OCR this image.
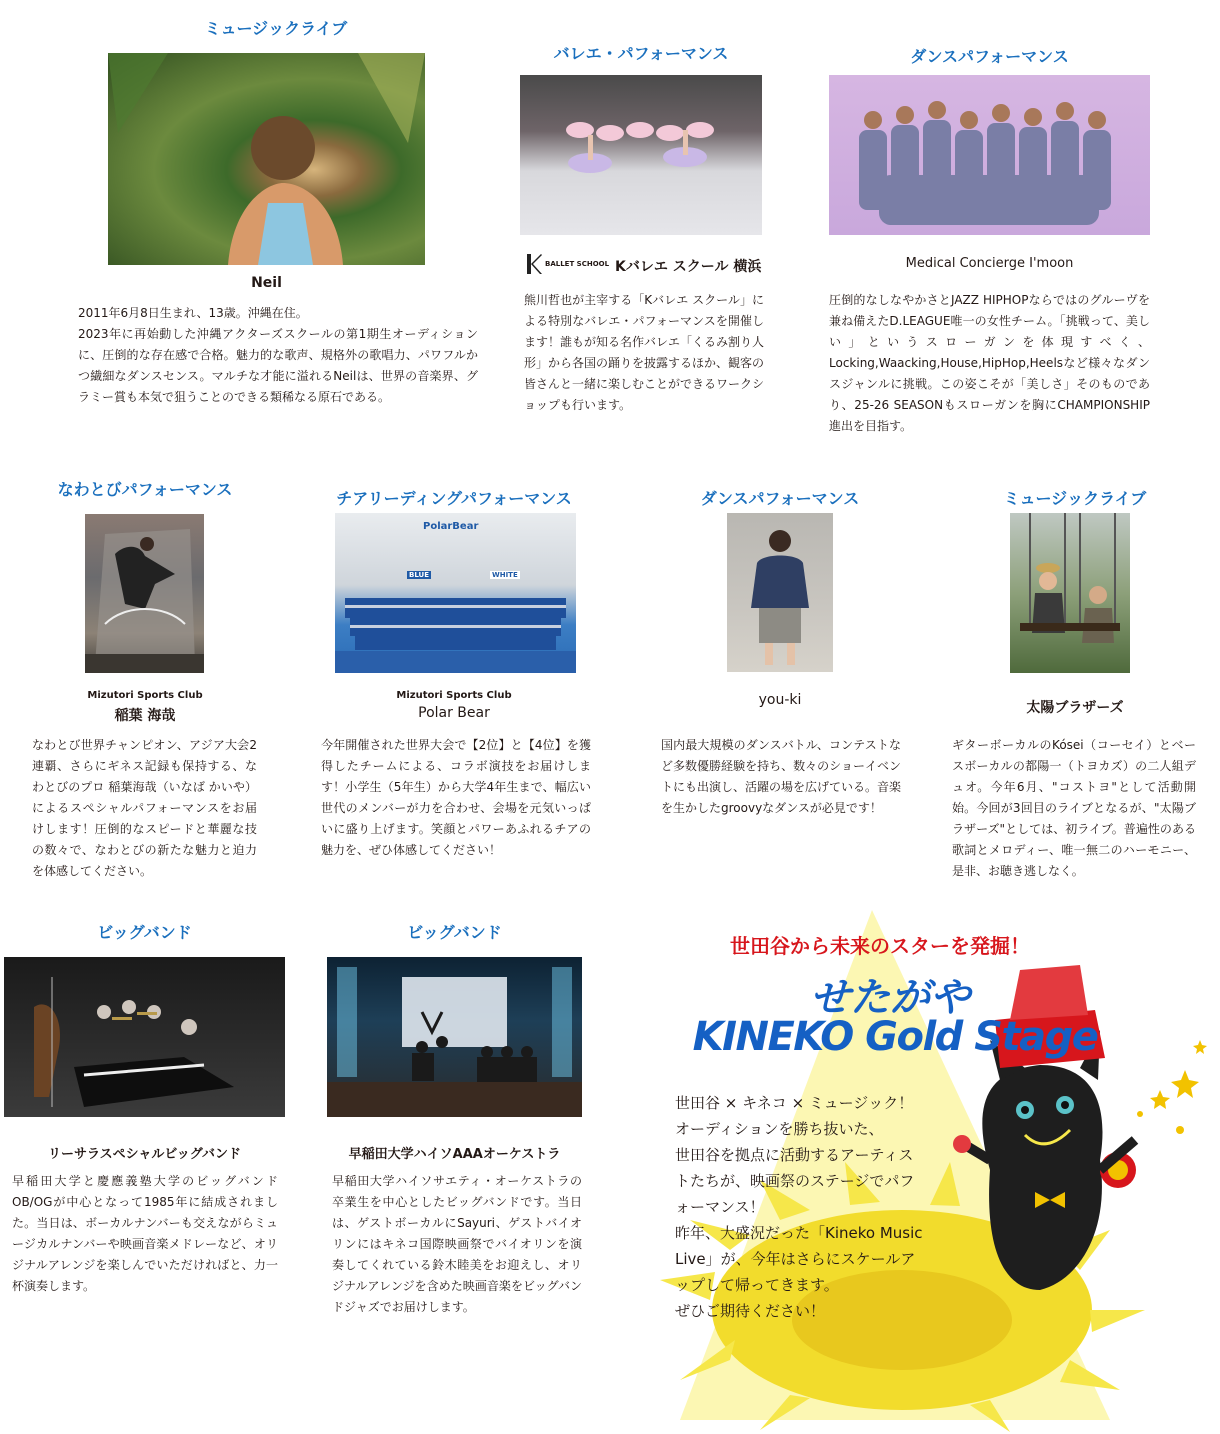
ミュージックライブ
Neil
2011年6月8日生まれ、13歳。沖縄在住。
2023年に再始動した沖縄アクターズスクールの第1期生オーディションに、圧倒的な存在感で合格。魅力的な歌声、規格外の歌唱力、パワフルかつ繊細なダンスセンス。マルチな才能に溢れるNeilは、世界の音楽界、グラミー賞も本気で狙うことのできる類稀なる原石である。
バレエ・パフォーマンス
BALLET SCHOOL Kバレエ スクール 横浜
熊川哲也が主宰する「Kバレエ スクール」による特別なバレエ・パフォーマンスを開催します！誰もが知る名作バレエ「くるみ割り人形」から各国の踊りを披露するほか、観客の皆さんと一緒に楽しむことができるワークショップも行います。
ダンスパフォーマンス
Medical Concierge I'moon
圧倒的なしなやかさとJAZZ HIPHOPならではのグルーヴを兼ね備えたD.LEAGUE唯一の女性チーム。「挑戦って、美しい」というスローガンを体現すべく、Locking,Waacking,House,HipHop,Heelsなど様々なダンスジャンルに挑戦。この姿こそが「美しさ」そのものであり、25-26 SEASONもスローガンを胸にCHAMPIONSHIP進出を目指す。
なわとびパフォーマンス
Mizutori Sports Club
稲葉 海哉
なわとび世界チャンピオン、アジア大会2連覇、さらにギネス記録も保持する、なわとびのプロ 稲葉海哉（いなば かいや）によるスペシャルパフォーマンスをお届けします！圧倒的なスピードと華麗な技の数々で、なわとびの新たな魅力と迫力を体感してください。
チアリーディングパフォーマンス
PolarBear
BLUE	WHITE
Mizutori Sports Club
Polar Bear
今年開催された世界大会で【2位】と【4位】を獲得したチームによる、コラボ演技をお届けします！小学生（5年生）から大学4年生まで、幅広い世代のメンバーが力を合わせ、会場を元気いっぱいに盛り上げます。笑顔とパワーあふれるチアの魅力を、ぜひ体感してください！
ダンスパフォーマンス
you-ki
国内最大規模のダンスバトル、コンテストなど多数優勝経験を持ち、数々のショーイベントにも出演し、活躍の場を広げている。音楽を生かしたgroovyなダンスが必見です！
ミュージックライブ
太陽ブラザーズ
ギターボーカルのKósei（コーセイ）とベースボーカルの都陽一（トヨカズ）の二人組デュオ。今年6月、"コストヨ"として活動開始。今回が3回目のライブとなるが、"太陽ブラザーズ"としては、初ライブ。普遍性のある歌詞とメロディー、唯一無二のハーモニー、是非、お聴き逃しなく。
ビッグバンド
リーサラスペシャルビッグバンド
早稲田大学と慶應義塾大学のビッグバンドOB/OGが中心となって1985年に結成されました。当日は、ボーカルナンバーも交えながらミュージカルナンバーや映画音楽メドレーなど、オリジナルアレンジを楽しんでいただければと、力一杯演奏します。
ビッグバンド
早稲田大学ハイソAAAオーケストラ
早稲田大学ハイソサエティ・オーケストラの卒業生を中心としたビッグバンドです。当日は、ゲストボーカルにSayuri、ゲストバイオリンにはキネコ国際映画祭でバイオリンを演奏してくれている鈴木睦美をお迎えし、オリジナルアレンジを含めた映画音楽をビッグバンドジャズでお届けします。
世田谷から未来のスターを発掘！
せたがや
KINEKO Gold Stage
世田谷 × キネコ × ミュージック！
オーディションを勝ち抜いた、
世田谷を拠点に活動するアーティストたちが、映画祭のステージでパフォーマンス！
昨年、大盛況だった「Kineko Music Live」が、今年はさらにスケールアップして帰ってきます。
ぜひご期待ください！
